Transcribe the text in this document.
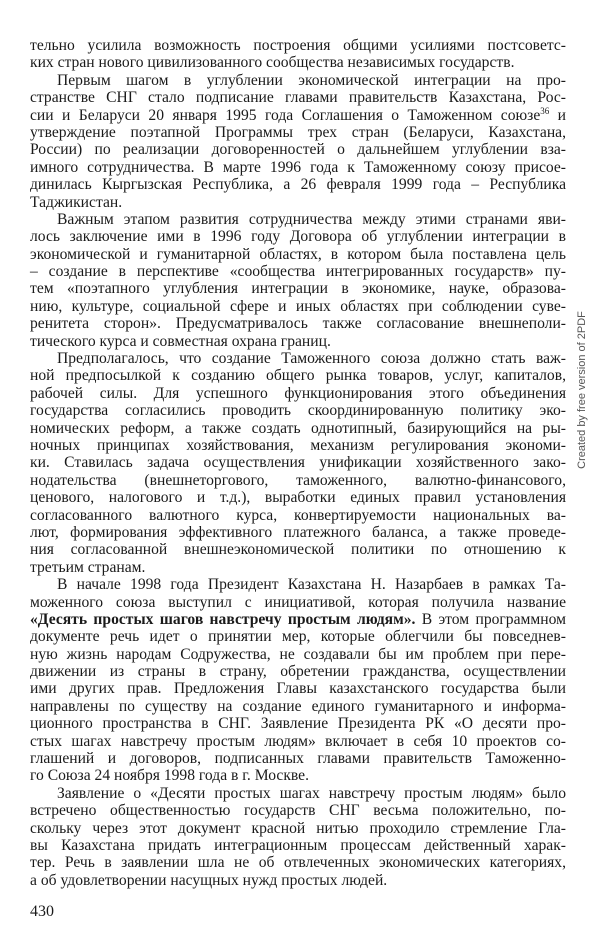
тельно усилила возможность построения общими усилиями постсоветс-
ких стран нового цивилизованного сообщества независимых государств.
Первым шагом в углублении экономической интеграции на про-
странстве СНГ стало подписание главами правительств Казахстана, Рос-
сии и Беларуси 20 января 1995 года Соглашения о Таможенном союзе$^{36}$ и
утверждение поэтапной Программы трех стран (Беларуси, Казахстана,
России) по реализации договоренностей о дальнейшем углублении вза-
имного сотрудничества. В марте 1996 года к Таможенному союзу присое-
динилась Кыргызская Республика, а 26 февраля 1999 года – Республика
Таджикистан.
Важным этапом развития сотрудничества между этими странами яви-
лось заключение ими в 1996 году Договора об углублении интеграции в
экономической и гуманитарной областях, в котором была поставлена цель
– создание в перспективе «сообщества интегрированных государств» пу-
тем «поэтапного углубления интеграции в экономике, науке, образова-
нию, культуре, социальной сфере и иных областях при соблюдении суве-
ренитета сторон». Предусматривалось также согласование внешнеполи-
тического курса и совместная охрана границ.
Предполагалось, что создание Таможенного союза должно стать важ-
ной предпосылкой к созданию общего рынка товаров, услуг, капиталов,
рабочей силы. Для успешного функционирования этого объединения
государства согласились проводить скоординированную политику эко-
номических реформ, а также создать однотипный, базирующийся на ры-
ночных принципах хозяйствования, механизм регулирования экономи-
ки. Ставилась задача осуществления унификации хозяйственного зако-
нодательства (внешнеторгового, таможенного, валютно-финансового,
ценового, налогового и т.д.), выработки единых правил установления
согласованного валютного курса, конвертируемости национальных ва-
лют, формирования эффективного платежного баланса, а также проведе-
ния согласованной внешнеэкономической политики по отношению к
третьим странам.
В начале 1998 года Президент Казахстана Н. Назарбаев в рамках Та-
моженного союза выступил с инициативой, которая получила название
«Десять простых шагов навстречу простым людям». В этом программном
документе речь идет о принятии мер, которые облегчили бы повседнев-
ную жизнь народам Содружества, не создавали бы им проблем при пере-
движении из страны в страну, обретении гражданства, осуществлении
ими других прав. Предложения Главы казахстанского государства были
направлены по существу на создание единого гуманитарного и информа-
ционного пространства в СНГ. Заявление Президента РК «О десяти про-
стых шагах навстречу простым людям» включает в себя 10 проектов со-
глашений и договоров, подписанных главами правительств Таможенно-
го Союза 24 ноября 1998 года в г. Москве.
Заявление о «Десяти простых шагах навстречу простым людям» было
встречено общественностью государств СНГ весьма положительно, по-
скольку через этот документ красной нитью проходило стремление Гла-
вы Казахстана придать интеграционным процессам действенный харак-
тер. Речь в заявлении шла не об отвлеченных экономических категориях,
а об удовлетворении насущных нужд простых людей.
430
Created by free version of 2PDF
